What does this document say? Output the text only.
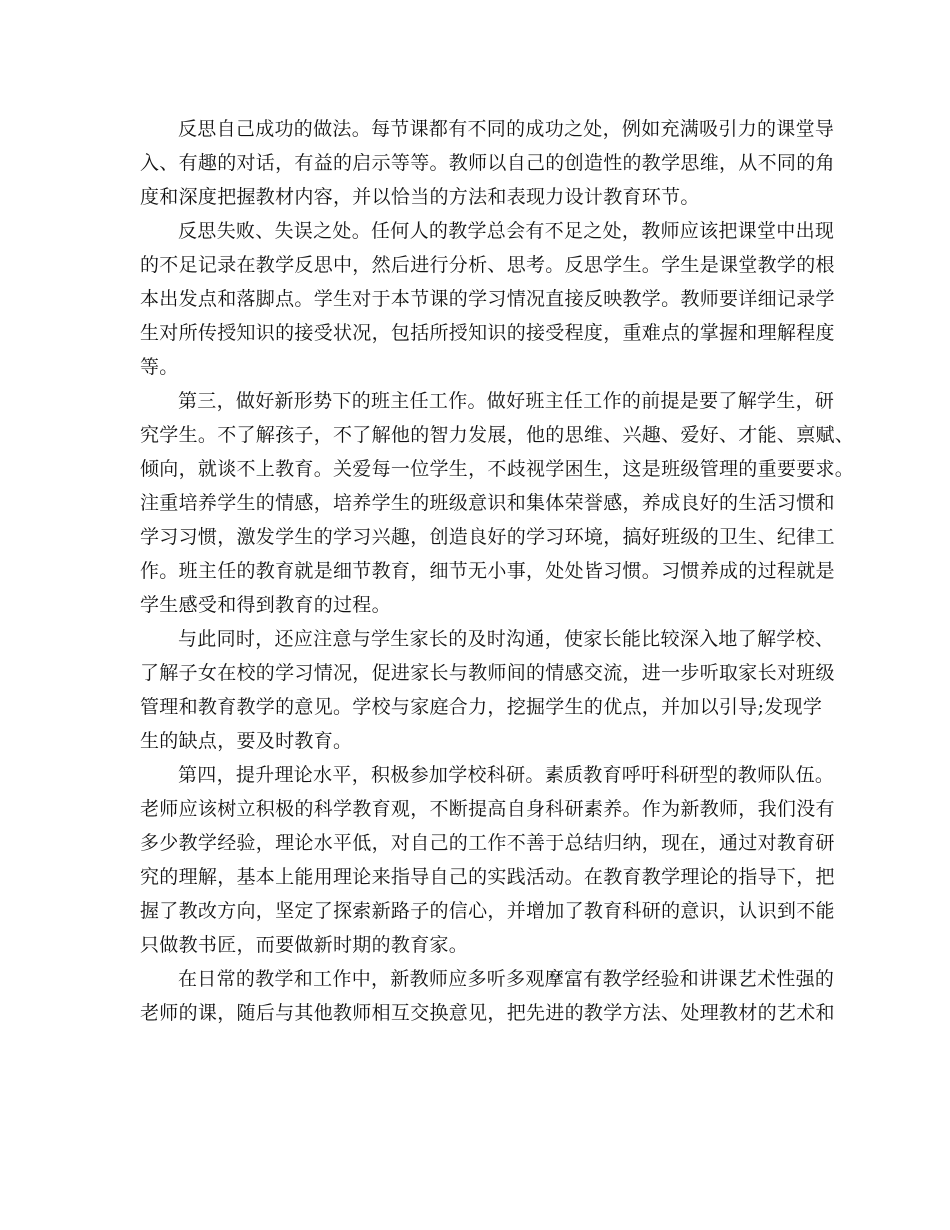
反思自己成功的做法。每节课都有不同的成功之处，例如充满吸引力的课堂导
入、有趣的对话，有益的启示等等。教师以自己的创造性的教学思维，从不同的角
度和深度把握教材内容，并以恰当的方法和表现力设计教育环节。
反思失败、失误之处。任何人的教学总会有不足之处，教师应该把课堂中出现
的不足记录在教学反思中，然后进行分析、思考。反思学生。学生是课堂教学的根
本出发点和落脚点。学生对于本节课的学习情况直接反映教学。教师要详细记录学
生对所传授知识的接受状况，包括所授知识的接受程度，重难点的掌握和理解程度
等。
第三，做好新形势下的班主任工作。做好班主任工作的前提是要了解学生，研
究学生。不了解孩子，不了解他的智力发展，他的思维、兴趣、爱好、才能、禀赋、
倾向，就谈不上教育。关爱每一位学生，不歧视学困生，这是班级管理的重要要求。
注重培养学生的情感，培养学生的班级意识和集体荣誉感，养成良好的生活习惯和
学习习惯，激发学生的学习兴趣，创造良好的学习环境，搞好班级的卫生、纪律工
作。班主任的教育就是细节教育，细节无小事，处处皆习惯。习惯养成的过程就是
学生感受和得到教育的过程。
与此同时，还应注意与学生家长的及时沟通，使家长能比较深入地了解学校、
了解子女在校的学习情况，促进家长与教师间的情感交流，进一步听取家长对班级
管理和教育教学的意见。学校与家庭合力，挖掘学生的优点，并加以引导;发现学
生的缺点，要及时教育。
第四，提升理论水平，积极参加学校科研。素质教育呼吁科研型的教师队伍。
老师应该树立积极的科学教育观，不断提高自身科研素养。作为新教师，我们没有
多少教学经验，理论水平低，对自己的工作不善于总结归纳，现在，通过对教育研
究的理解，基本上能用理论来指导自己的实践活动。在教育教学理论的指导下，把
握了教改方向，坚定了探索新路子的信心，并增加了教育科研的意识，认识到不能
只做教书匠，而要做新时期的教育家。
在日常的教学和工作中，新教师应多听多观摩富有教学经验和讲课艺术性强的
老师的课，随后与其他教师相互交换意见，把先进的教学方法、处理教材的艺术和
